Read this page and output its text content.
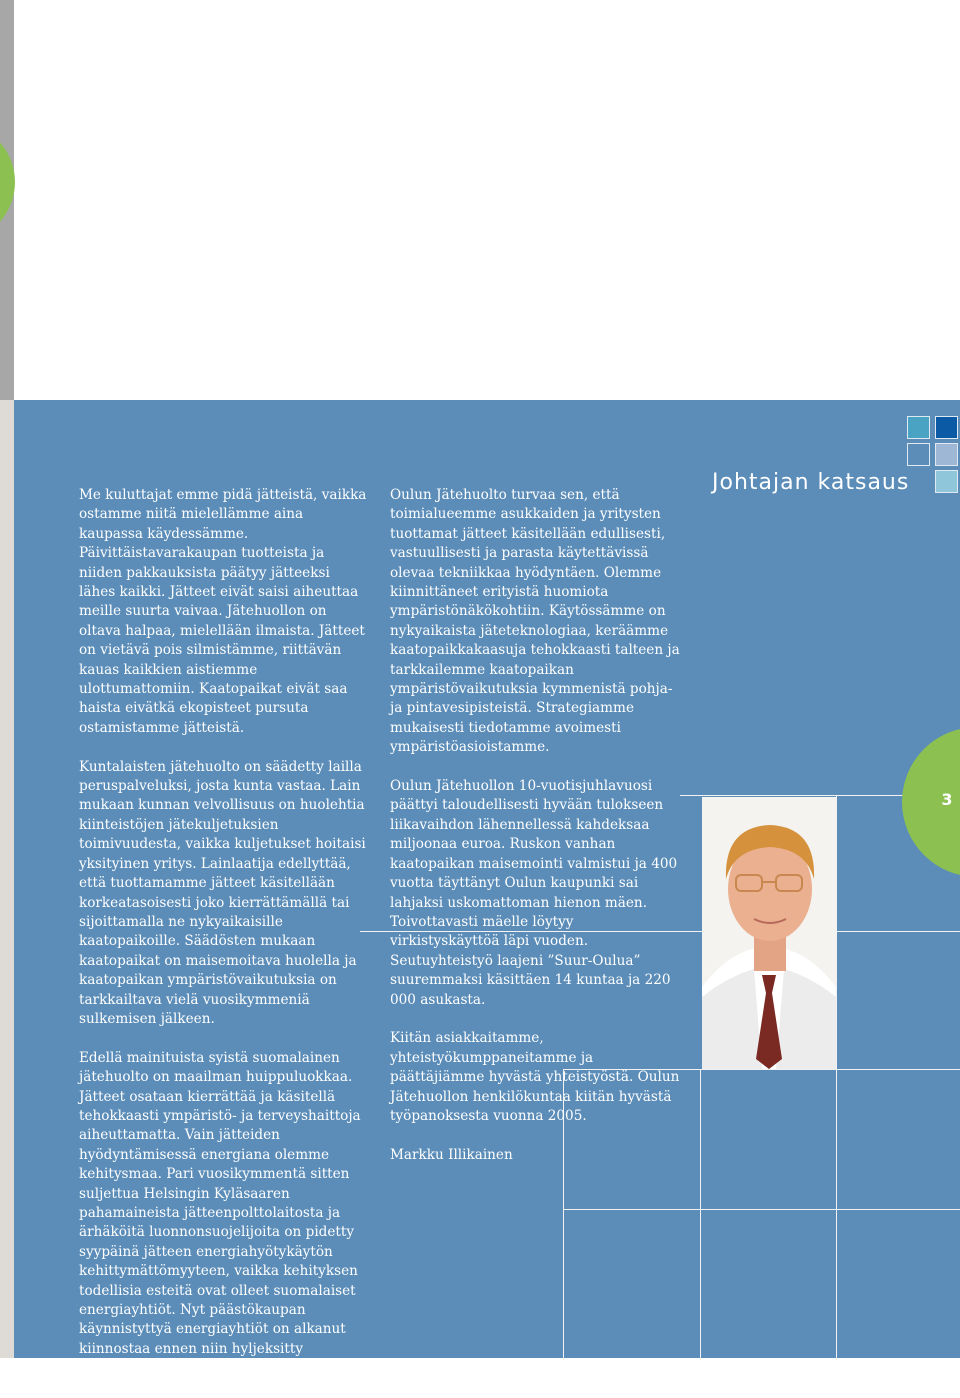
Johtajan katsaus

Me kuluttajat emme pidä jätteistä, vaikka ostamme niitä mielellämme aina kaupassa käydessämme. Päivittäistavarakaupan tuotteista ja niiden pakkauksista päätyy jätteeksi lähes kaikki. Jätteet eivät saisi aiheuttaa meille suurta vaivaa. Jätehuollon on oltava halpaa, mielellään ilmaista. Jätteet on vietävä pois silmistämme, riittävän kauas kaikkien aistiemme ulottumattomiin. Kaatopaikat eivät saa haista eivätkä ekopisteet pursuta ostamistamme jätteistä.

Kuntalaisten jätehuolto on säädetty lailla peruspalveluksi, josta kunta vastaa. Lain mukaan kunnan velvollisuus on huolehtia kiinteistöjen jätekuljetuksien toimivuudesta, vaikka kuljetukset hoitaisi yksityinen yritys. Lainlaatija edellyttää, että tuottamamme jätteet käsitellään korkeatasoisesti joko kierrättämällä tai sijoittamalla ne nykyaikaisille kaatopaikoille. Säädösten mukaan kaatopaikat on maisemoitava huolella ja kaatopaikan ympäristövaikutuksia on tarkkailtava vielä vuosikymmeniä sulkemisen jälkeen.

Edellä mainituista syistä suomalainen jätehuolto on maailman huippuluokkaa. Jätteet osataan kierrättää ja käsitellä tehokkaasti ympäristö- ja terveyshaittoja aiheuttamatta. Vain jätteiden hyödyntämisessä energiana olemme kehitysmaa. Pari vuosikymmentä sitten suljettua Helsingin Kyläsaaren pahamaineista jätteenpolttolaitosta ja ärhäköitä luonnonsuojelijoita on pidetty syypäinä jätteen energiahyötykäytön kehittymättömyyteen, vaikka kehityksen todellisia esteitä ovat olleet suomalaiset energiayhtiöt. Nyt päästökaupan käynnistyttyä energiayhtiöt on alkanut kiinnostaa ennen niin hyljeksitty polttoaine. Hyvä niin!

Oulun Jätehuolto turvaa sen, että toimialueemme asukkaiden ja yritysten tuottamat jätteet käsitellään edullisesti, vastuullisesti ja parasta käytettävissä olevaa tekniikkaa hyödyntäen. Olemme kiinnittäneet erityistä huomiota ympäristönäkökohtiin. Käytössämme on nykyaikaista jäteteknologiaa, keräämme kaatopaikkakaasuja tehokkaasti talteen ja tarkkailemme kaatopaikan ympäristövaikutuksia kymmenistä pohja- ja pintavesipisteistä. Strategiamme mukaisesti tiedotamme avoimesti ympäristöasioistamme.

Oulun Jätehuollon 10-vuotisjuhlavuosi päättyi taloudellisesti hyvään tulokseen liikavaihdon lähennellessä kahdeksaa miljoonaa euroa. Ruskon vanhan kaatopaikan maisemointi valmistui ja 400 vuotta täyttänyt Oulun kaupunki sai lahjaksi uskomattoman hienon mäen. Toivottavasti mäelle löytyy virkistyskäyttöä läpi vuoden. Seutuyhteistyö laajeni ”Suur-Oulua” suuremmaksi käsittäen 14 kuntaa ja 220 000 asukasta.

Kiitän asiakkaitamme, yhteistyökumppaneitamme ja päättäjiämme hyvästä yhteistyöstä. Oulun Jätehuollon henkilökuntaa kiitän hyvästä työpanoksesta vuonna 2005.

Markku Illikainen

3
